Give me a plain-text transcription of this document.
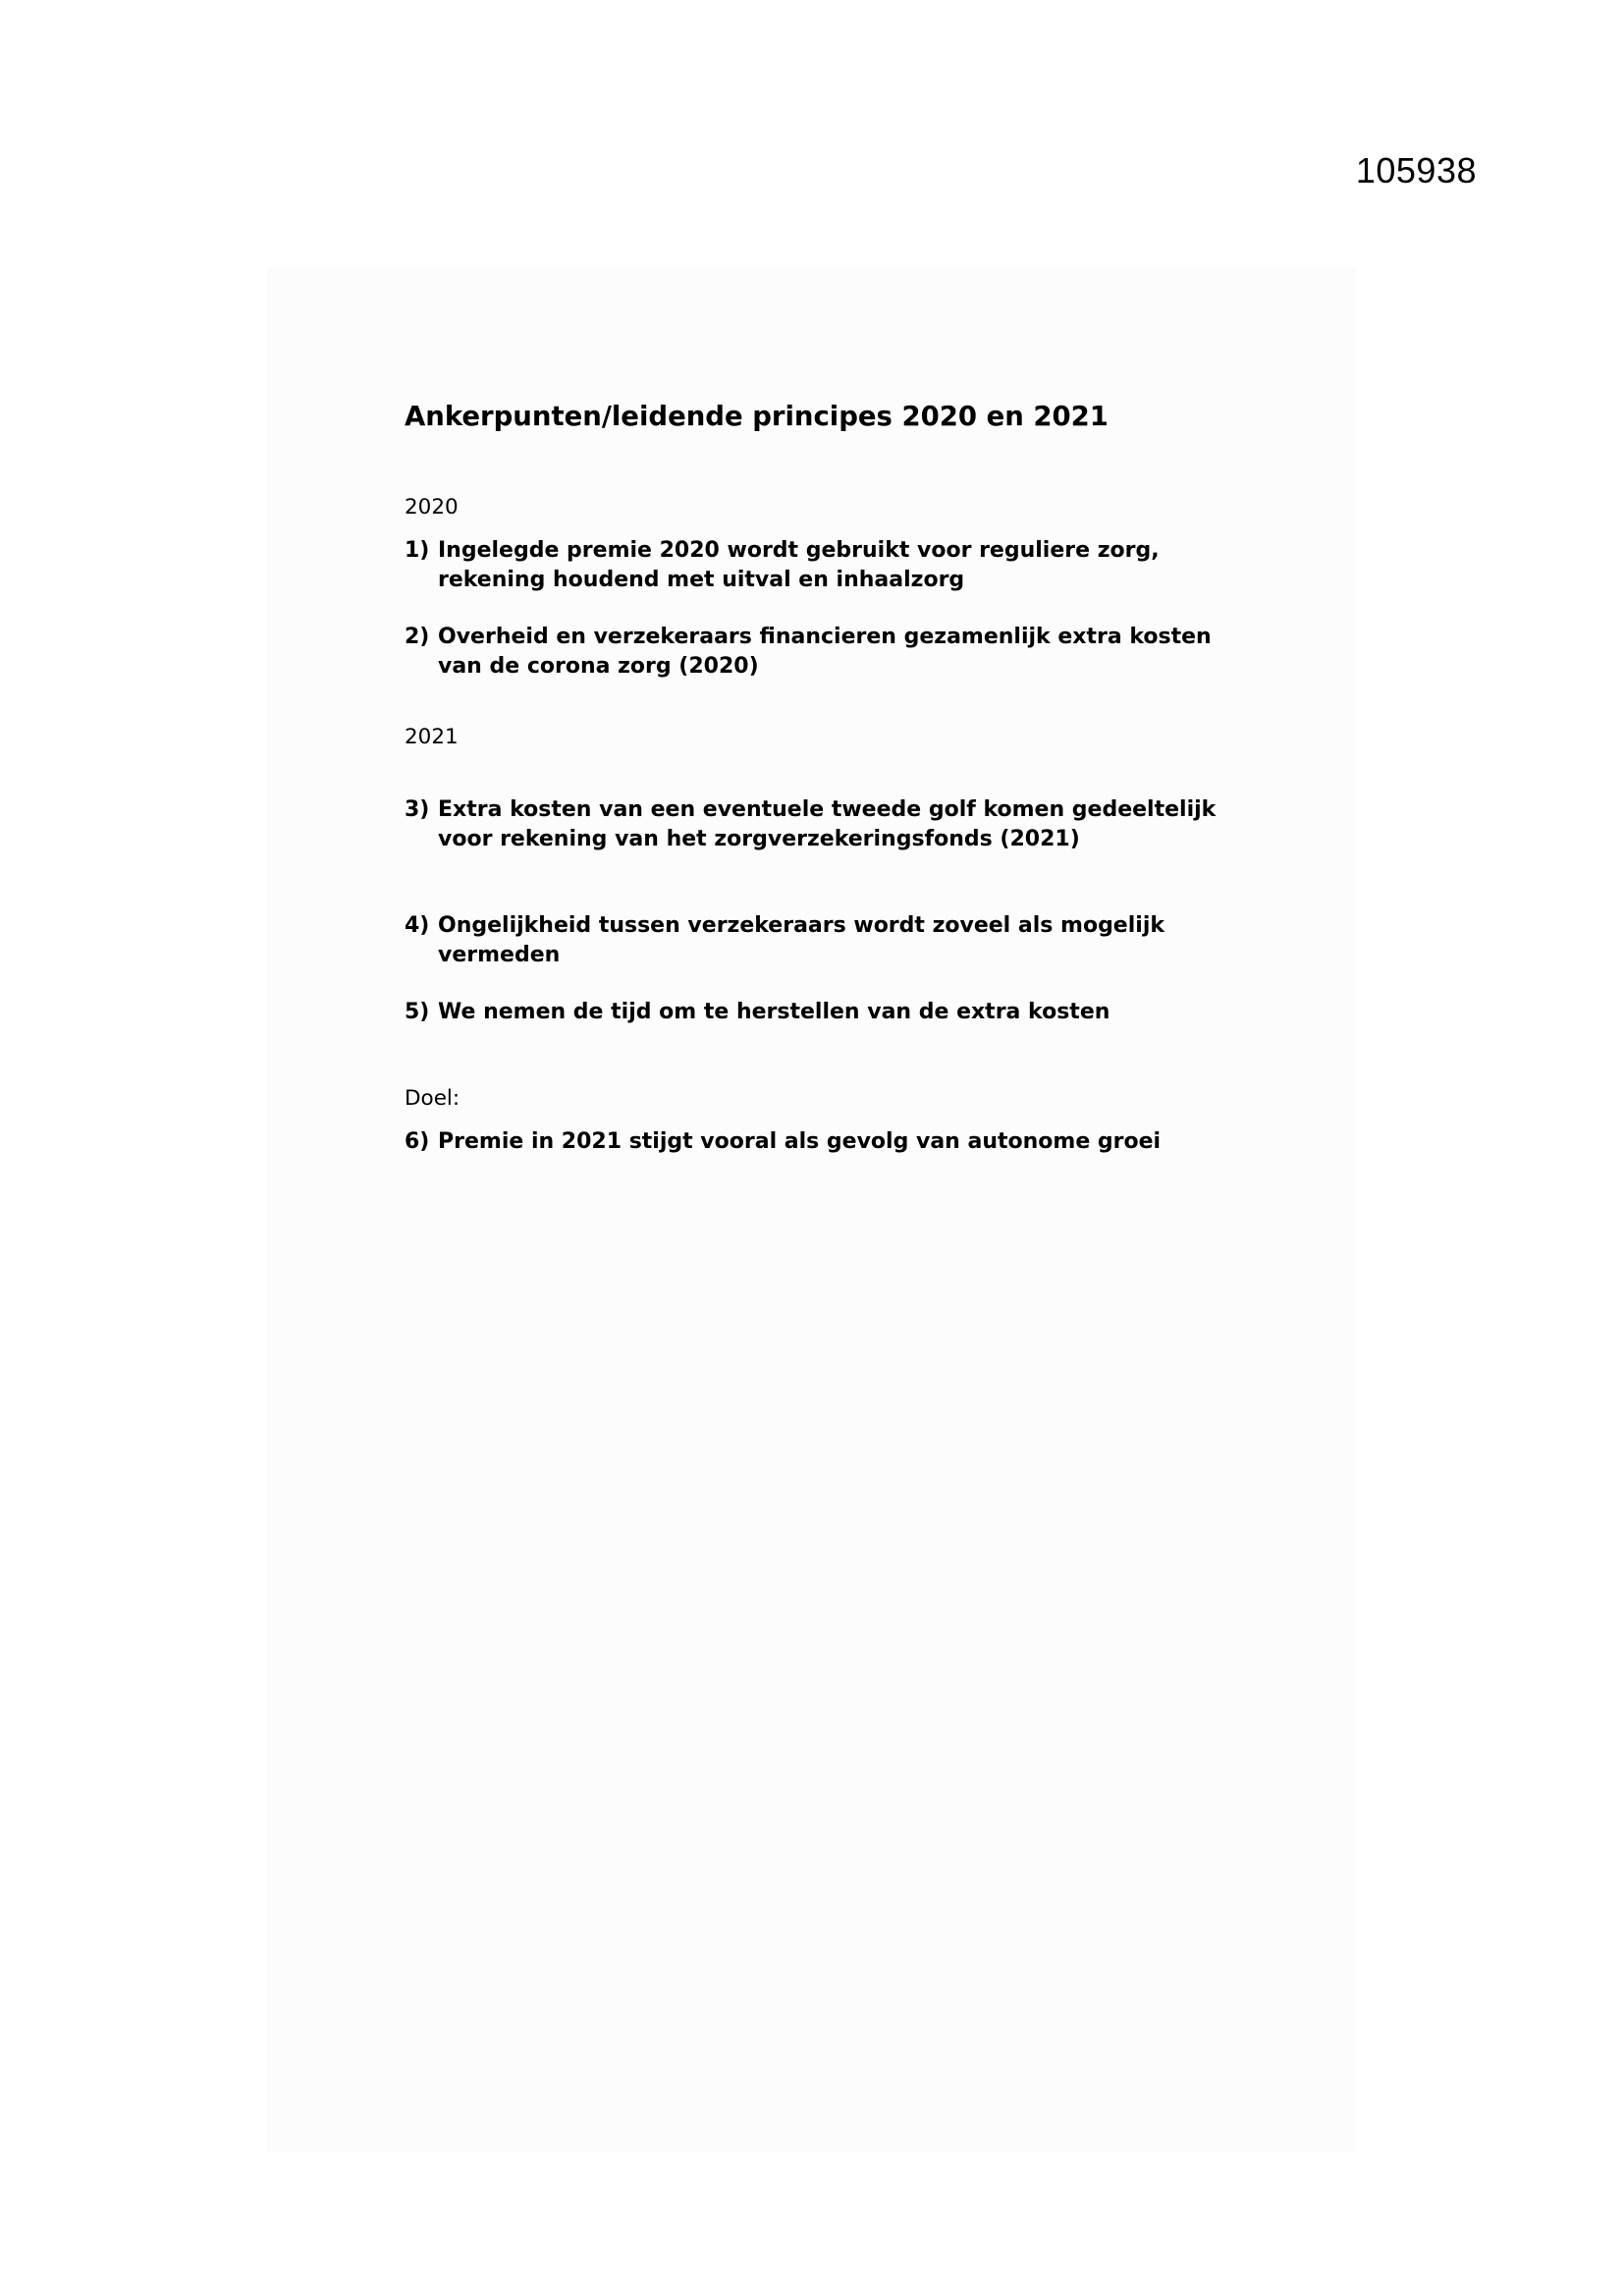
105938
Ankerpunten/leidende principes 2020 en 2021
2020
1) Ingelegde premie 2020 wordt gebruikt voor reguliere zorg,
rekening houdend met uitval en inhaalzorg
2) Overheid en verzekeraars financieren gezamenlijk extra kosten
van de corona zorg (2020)
2021
3) Extra kosten van een eventuele tweede golf komen gedeeltelijk
voor rekening van het zorgverzekeringsfonds (2021)
4) Ongelijkheid tussen verzekeraars wordt zoveel als mogelijk
vermeden
5) We nemen de tijd om te herstellen van de extra kosten
Doel:
6) Premie in 2021 stijgt vooral als gevolg van autonome groei
